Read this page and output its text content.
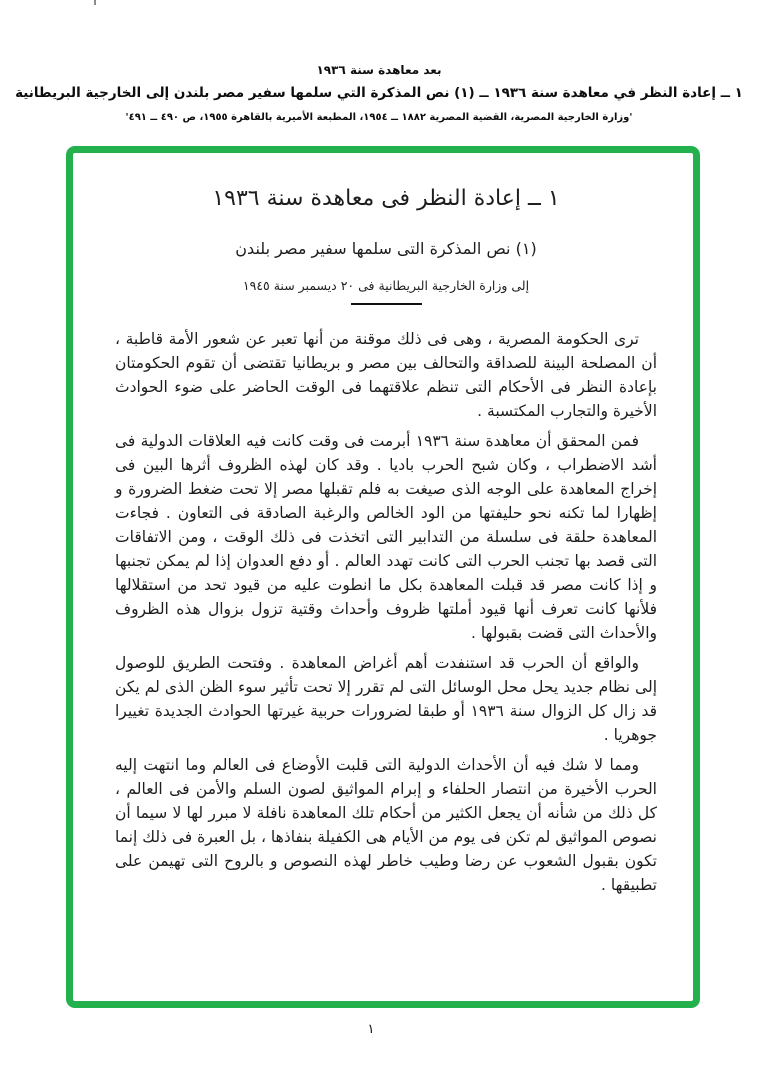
بعد معاهدة سنة ١٩٣٦
١ ــ إعادة النظر في معاهدة سنة ١٩٣٦ ــ (١) نص المذكرة التي سلمها سفير مصر بلندن إلى الخارجية البريطانية
'وزارة الخارجية المصرية، القضية المصرية ١٨٨٢ ــ ١٩٥٤، المطبعة الأميرية بالقاهرة ١٩٥٥، ص ٤٩٠ ــ ٤٩١'
١ ــ إعادة النظر فى معاهدة سنة ١٩٣٦
(١) نص المذكرة التى سلمها سفير مصر بلندن
إلى وزارة الخارجية البريطانية فى ٢٠ ديسمبر سنة ١٩٤٥

ترى الحكومة المصرية ، وهى فى ذلك موقنة من أنها تعبر عن شعور الأمة قاطبة ، أن المصلحة البينة للصداقة والتحالف بين مصر و بريطانيا تقتضى أن تقوم الحكومتان بإعادة النظر فى الأحكام التى تنظم علاقتهما فى الوقت الحاضر على ضوء الحوادث الأخيرة والتجارب المكتسبة .

فمن المحقق أن معاهدة سنة ١٩٣٦ أبرمت فى وقت كانت فيه العلاقات الدولية فى أشد الاضطراب ، وكان شبح الحرب باديا . وقد كان لهذه الظروف أثرها البين فى إخراج المعاهدة على الوجه الذى صيغت به فلم تقبلها مصر إلا تحت ضغط الضرورة و إظهارا لما تكنه نحو حليفتها من الود الخالص والرغبة الصادقة فى التعاون . فجاءت المعاهدة حلقة فى سلسلة من التدابير التى اتخذت فى ذلك الوقت ، ومن الاتفاقات التى قصد بها تجنب الحرب التى كانت تهدد العالم . أو دفع العدوان إذا لم يمكن تجنبها و إذا كانت مصر قد قبلت المعاهدة بكل ما انطوت عليه من قيود تحد من استقلالها فلأنها كانت تعرف أنها قيود أملتها ظروف وأحداث وقتية تزول بزوال هذه الظروف والأحداث التى قضت بقبولها .

والواقع أن الحرب قد استنفدت أهم أغراض المعاهدة . وفتحت الطريق للوصول إلى نظام جديد يحل محل الوسائل التى لم تقرر إلا تحت تأثير سوء الظن الذى لم يكن قد زال كل الزوال سنة ١٩٣٦ أو طبقا لضرورات حربية غيرتها الحوادث الجديدة تغييرا جوهريا .

ومما لا شك فيه أن الأحداث الدولية التى قلبت الأوضاع فى العالم وما انتهت إليه الحرب الأخيرة من انتصار الحلفاء و إبرام المواثيق لصون السلم والأمن فى العالم ، كل ذلك من شأنه أن يجعل الكثير من أحكام تلك المعاهدة نافلة لا مبرر لها لا سيما أن نصوص المواثيق لم تكن فى يوم من الأيام هى الكفيلة بنفاذها ، بل العبرة فى ذلك إنما تكون بقبول الشعوب عن رضا وطيب خاطر لهذه النصوص و بالروح التى تهيمن على تطبيقها .

١
